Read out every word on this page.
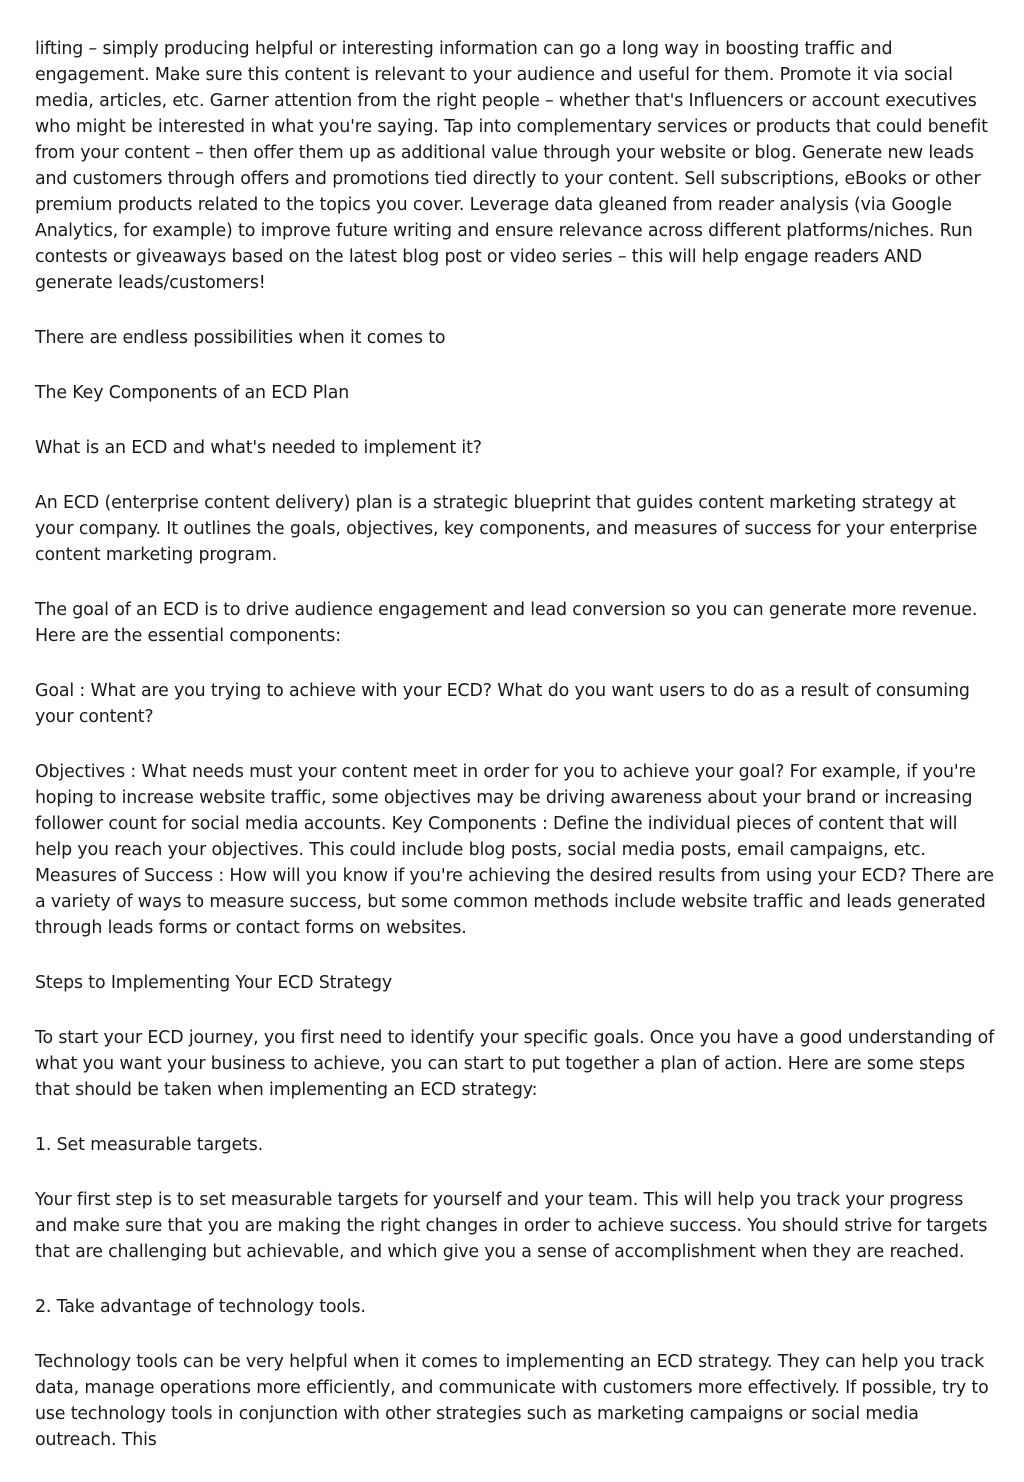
lifting – simply producing helpful or interesting information can go a long way in boosting traffic and engagement. Make sure this content is relevant to your audience and useful for them. Promote it via social media, articles, etc. Garner attention from the right people – whether that's Influencers or account executives who might be interested in what you're saying. Tap into complementary services or products that could benefit from your content – then offer them up as additional value through your website or blog. Generate new leads and customers through offers and promotions tied directly to your content. Sell subscriptions, eBooks or other premium products related to the topics you cover. Leverage data gleaned from reader analysis (via Google Analytics, for example) to improve future writing and ensure relevance across different platforms/niches. Run contests or giveaways based on the latest blog post or video series – this will help engage readers AND generate leads/customers!

There are endless possibilities when it comes to

The Key Components of an ECD Plan

What is an ECD and what's needed to implement it?

An ECD (enterprise content delivery) plan is a strategic blueprint that guides content marketing strategy at your company. It outlines the goals, objectives, key components, and measures of success for your enterprise content marketing program.

The goal of an ECD is to drive audience engagement and lead conversion so you can generate more revenue. Here are the essential components:

Goal : What are you trying to achieve with your ECD? What do you want users to do as a result of consuming your content?

Objectives : What needs must your content meet in order for you to achieve your goal? For example, if you're hoping to increase website traffic, some objectives may be driving awareness about your brand or increasing follower count for social media accounts. Key Components : Define the individual pieces of content that will help you reach your objectives. This could include blog posts, social media posts, email campaigns, etc. Measures of Success : How will you know if you're achieving the desired results from using your ECD? There are a variety of ways to measure success, but some common methods include website traffic and leads generated through leads forms or contact forms on websites.

Steps to Implementing Your ECD Strategy

To start your ECD journey, you first need to identify your specific goals. Once you have a good understanding of what you want your business to achieve, you can start to put together a plan of action. Here are some steps that should be taken when implementing an ECD strategy:

1. Set measurable targets.

Your first step is to set measurable targets for yourself and your team. This will help you track your progress and make sure that you are making the right changes in order to achieve success. You should strive for targets that are challenging but achievable, and which give you a sense of accomplishment when they are reached.

2. Take advantage of technology tools.

Technology tools can be very helpful when it comes to implementing an ECD strategy. They can help you track data, manage operations more efficiently, and communicate with customers more effectively. If possible, try to use technology tools in conjunction with other strategies such as marketing campaigns or social media outreach. This
